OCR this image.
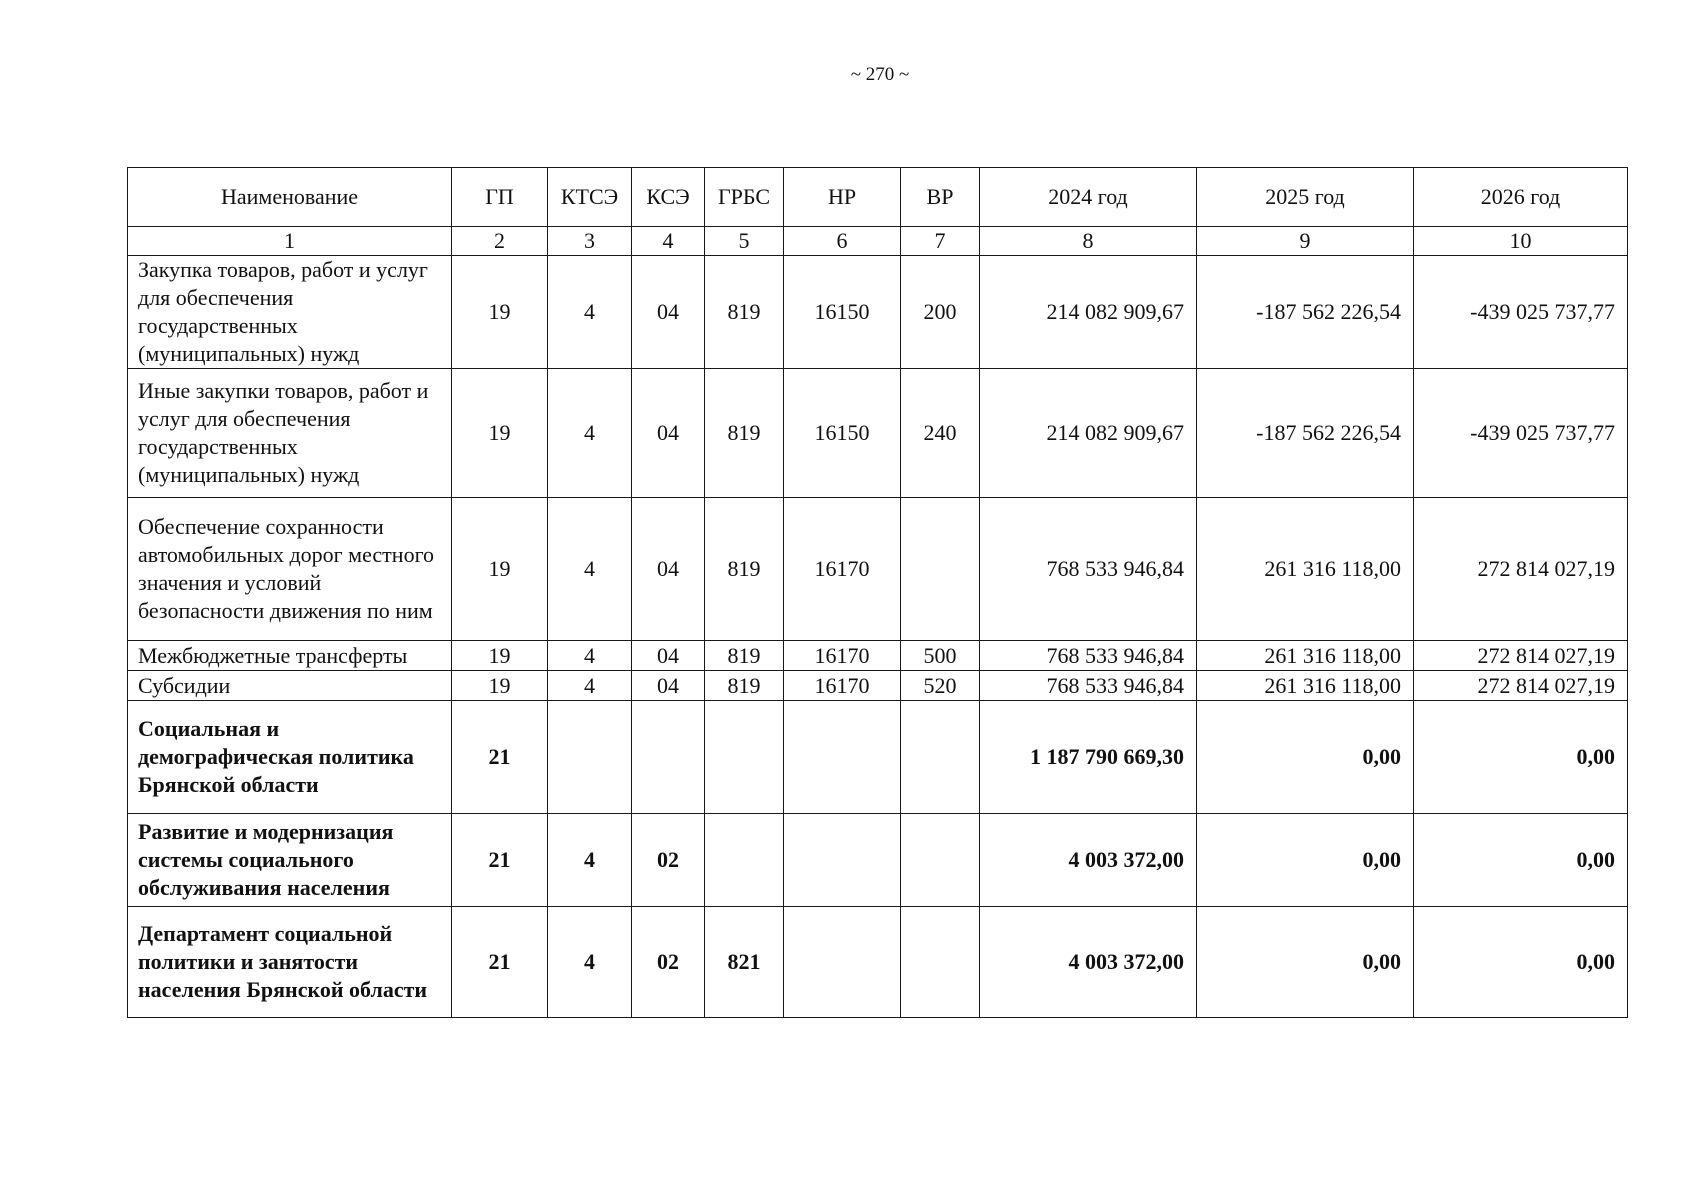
~ 270 ~
Наименование	ГП	КТСЭ	КСЭ	ГРБС	НР	ВР	2024 год	2025 год	2026 год
1	2	3	4	5	6	7	8	9	10
Закупка товаров, работ и услуг для обеспечения государственных (муниципальных) нужд	19	4	04	819	16150	200	214 082 909,67	-187 562 226,54	-439 025 737,77
Иные закупки товаров, работ и услуг для обеспечения государственных (муниципальных) нужд	19	4	04	819	16150	240	214 082 909,67	-187 562 226,54	-439 025 737,77
Обеспечение сохранности автомобильных дорог местного значения и условий безопасности движения по ним	19	4	04	819	16170		768 533 946,84	261 316 118,00	272 814 027,19
Межбюджетные трансферты	19	4	04	819	16170	500	768 533 946,84	261 316 118,00	272 814 027,19
Субсидии	19	4	04	819	16170	520	768 533 946,84	261 316 118,00	272 814 027,19
Социальная и демографическая политика Брянской области	21						1 187 790 669,30	0,00	0,00
Развитие и модернизация системы социального обслуживания населения	21	4	02				4 003 372,00	0,00	0,00
Департамент социальной политики и занятости населения Брянской области	21	4	02	821			4 003 372,00	0,00	0,00
